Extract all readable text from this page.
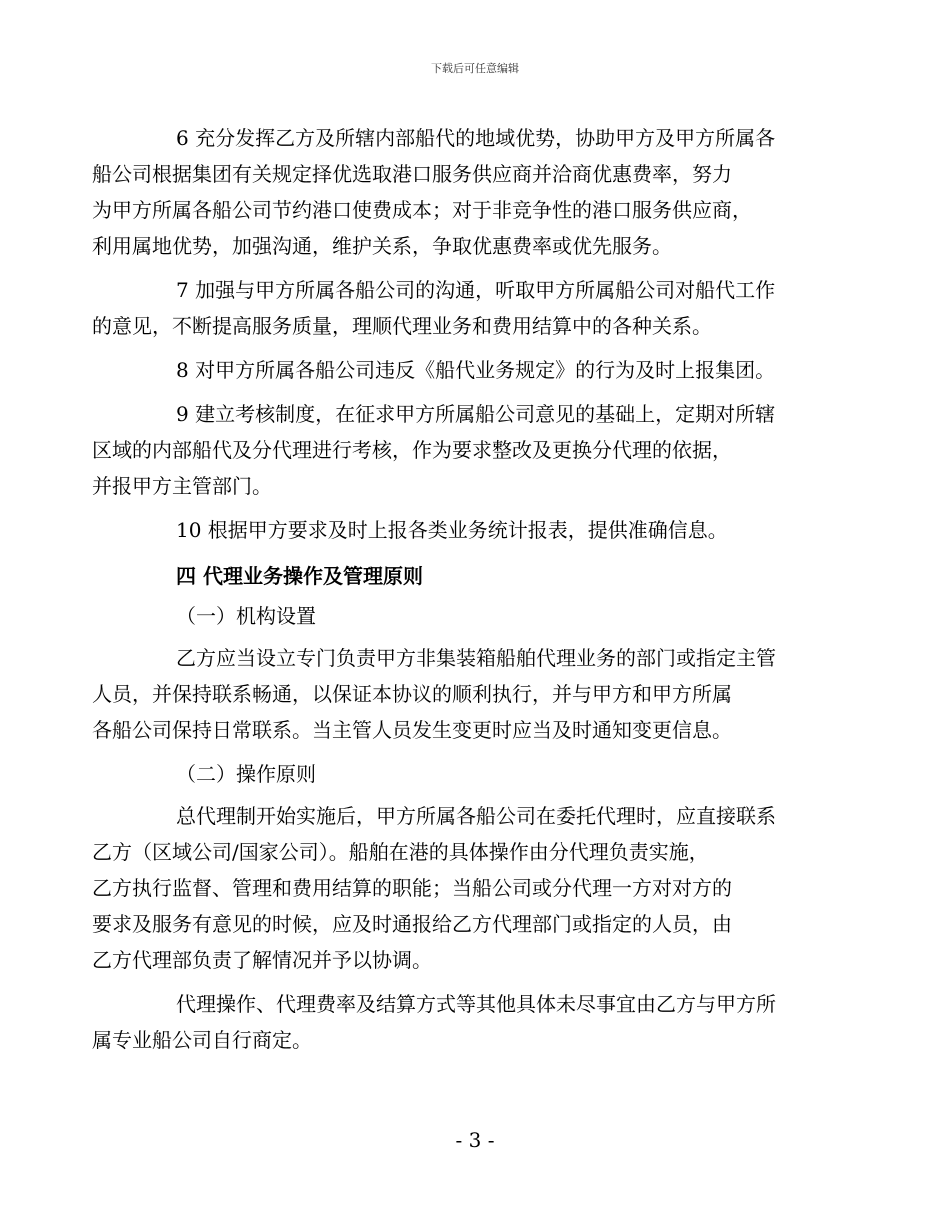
下载后可任意编辑

6 充分发挥乙方及所辖内部船代的地域优势，协助甲方及甲方所属各
船公司根据集团有关规定择优选取港口服务供应商并洽商优惠费率，努力
为甲方所属各船公司节约港口使费成本；对于非竞争性的港口服务供应商，
利用属地优势，加强沟通，维护关系，争取优惠费率或优先服务。

7 加强与甲方所属各船公司的沟通，听取甲方所属船公司对船代工作
的意见，不断提高服务质量，理顺代理业务和费用结算中的各种关系。

8 对甲方所属各船公司违反《船代业务规定》的行为及时上报集团。

9 建立考核制度，在征求甲方所属船公司意见的基础上，定期对所辖
区域的内部船代及分代理进行考核，作为要求整改及更换分代理的依据，
并报甲方主管部门。

10 根据甲方要求及时上报各类业务统计报表，提供准确信息。

四 代理业务操作及管理原则
（一）机构设置

乙方应当设立专门负责甲方非集装箱船舶代理业务的部门或指定主管
人员，并保持联系畅通，以保证本协议的顺利执行，并与甲方和甲方所属
各船公司保持日常联系。当主管人员发生变更时应当及时通知变更信息。

（二）操作原则

总代理制开始实施后，甲方所属各船公司在委托代理时，应直接联系
乙方（区域公司/国家公司）。船舶在港的具体操作由分代理负责实施，
乙方执行监督、管理和费用结算的职能；当船公司或分代理一方对对方的
要求及服务有意见的时候，应及时通报给乙方代理部门或指定的人员，由
乙方代理部负责了解情况并予以协调。

代理操作、代理费率及结算方式等其他具体未尽事宜由乙方与甲方所
属专业船公司自行商定。

- 3 -
